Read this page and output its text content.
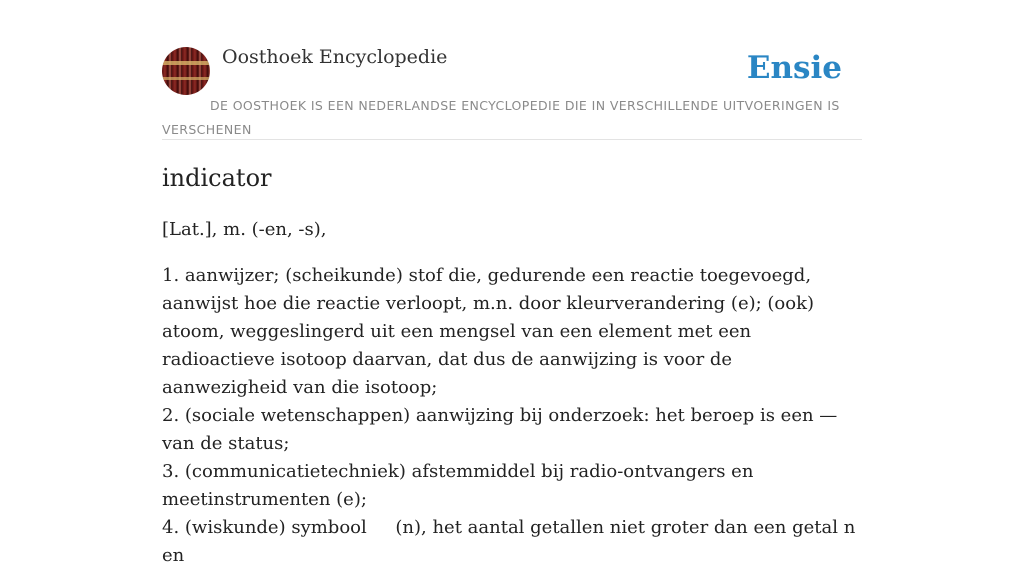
Oosthoek Encyclopedie	Ensie
DE OOSTHOEK IS EEN NEDERLANDSE ENCYCLOPEDIE DIE IN VERSCHILLENDE UITVOERINGEN IS VERSCHENEN
indicator

[Lat.], m. (-en, -s),

1. aanwijzer; (scheikunde) stof die, gedurende een reactie toegevoegd, aanwijst hoe die reactie verloopt, m.n. door kleurverandering (e); (ook) atoom, weggeslingerd uit een mengsel van een element met een radioactieve isotoop daarvan, dat dus de aanwijzing is voor de aanwezigheid van die isotoop;

2. (sociale wetenschappen) aanwijzing bij onderzoek: het beroep is een — van de status;

3. (communicatietechniek) afstemmiddel bij radio-ontvangers en meetinstrumenten (e);

4. (wiskunde) symbool     (n), het aantal getallen niet groter dan een getal n en
